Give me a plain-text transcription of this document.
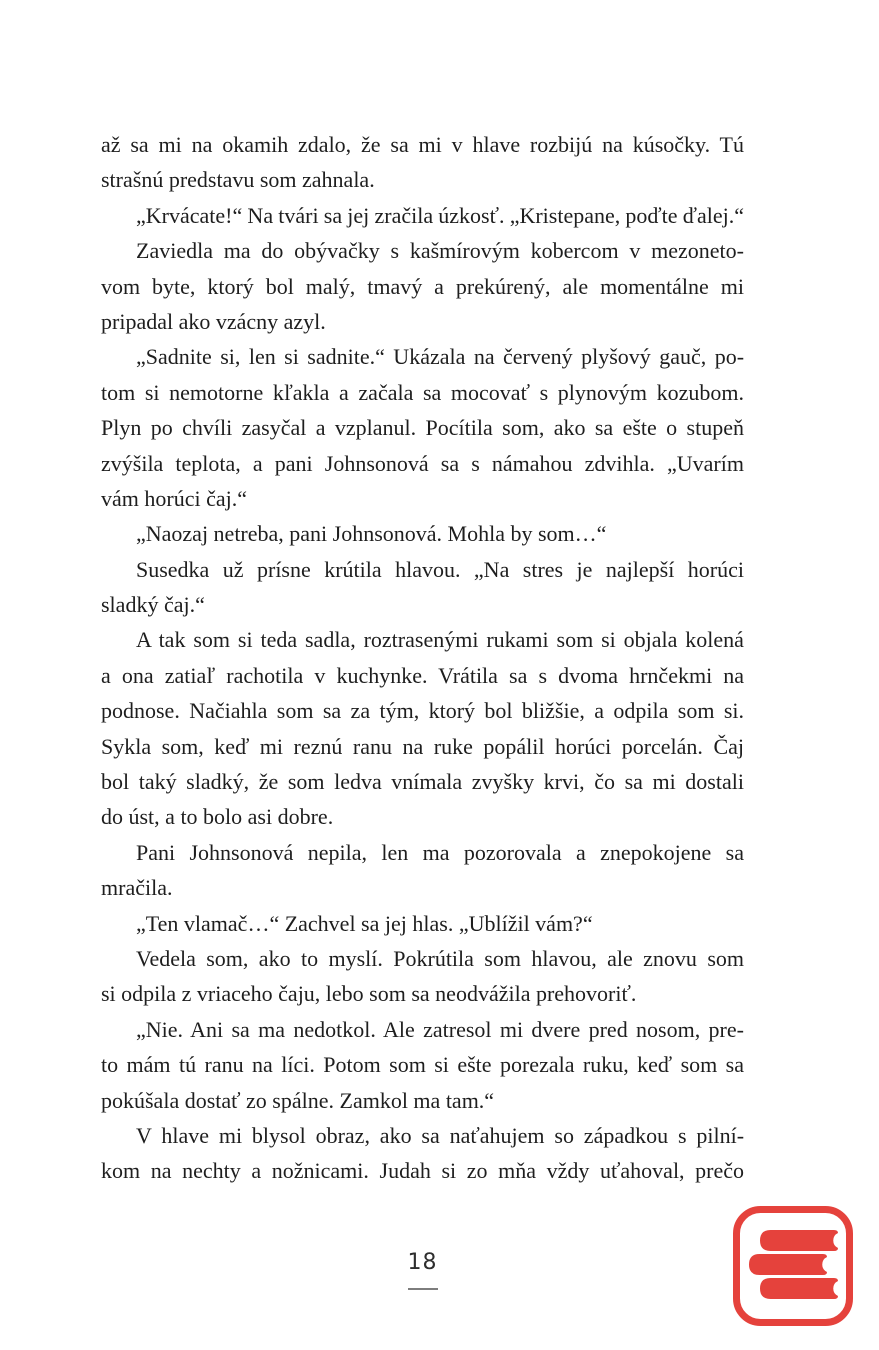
až sa mi na okamih zdalo, že sa mi v hlave rozbijú na kúsočky. Tú
strašnú predstavu som zahnala.
„Krvácate!“ Na tvári sa jej zračila úzkosť. „Kristepane, poďte ďalej.“
Zaviedla ma do obývačky s kašmírovým kobercom v mezoneto-
vom byte, ktorý bol malý, tmavý a prekúrený, ale momentálne mi
pripadal ako vzácny azyl.
„Sadnite si, len si sadnite.“ Ukázala na červený plyšový gauč, po-
tom si nemotorne kľakla a začala sa mocovať s plynovým kozubom.
Plyn po chvíli zasyčal a vzplanul. Pocítila som, ako sa ešte o stupeň
zvýšila teplota, a pani Johnsonová sa s námahou zdvihla. „Uvarím
vám horúci čaj.“
„Naozaj netreba, pani Johnsonová. Mohla by som…“
Susedka už prísne krútila hlavou. „Na stres je najlepší horúci
sladký čaj.“
A tak som si teda sadla, roztrasenými rukami som si objala kolená
a ona zatiaľ rachotila v kuchynke. Vrátila sa s dvoma hrnčekmi na
podnose. Načiahla som sa za tým, ktorý bol bližšie, a odpila som si.
Sykla som, keď mi reznú ranu na ruke popálil horúci porcelán. Čaj
bol taký sladký, že som ledva vnímala zvyšky krvi, čo sa mi dostali
do úst, a to bolo asi dobre.
Pani Johnsonová nepila, len ma pozorovala a znepokojene sa
mračila.
„Ten vlamač…“ Zachvel sa jej hlas. „Ublížil vám?“
Vedela som, ako to myslí. Pokrútila som hlavou, ale znovu som
si odpila z vriaceho čaju, lebo som sa neodvážila prehovoriť.
„Nie. Ani sa ma nedotkol. Ale zatresol mi dvere pred nosom, pre-
to mám tú ranu na líci. Potom som si ešte porezala ruku, keď som sa
pokúšala dostať zo spálne. Zamkol ma tam.“
V hlave mi blysol obraz, ako sa naťahujem so západkou s pilní-
kom na nechty a nožnicami. Judah si zo mňa vždy uťahoval, prečo
18
